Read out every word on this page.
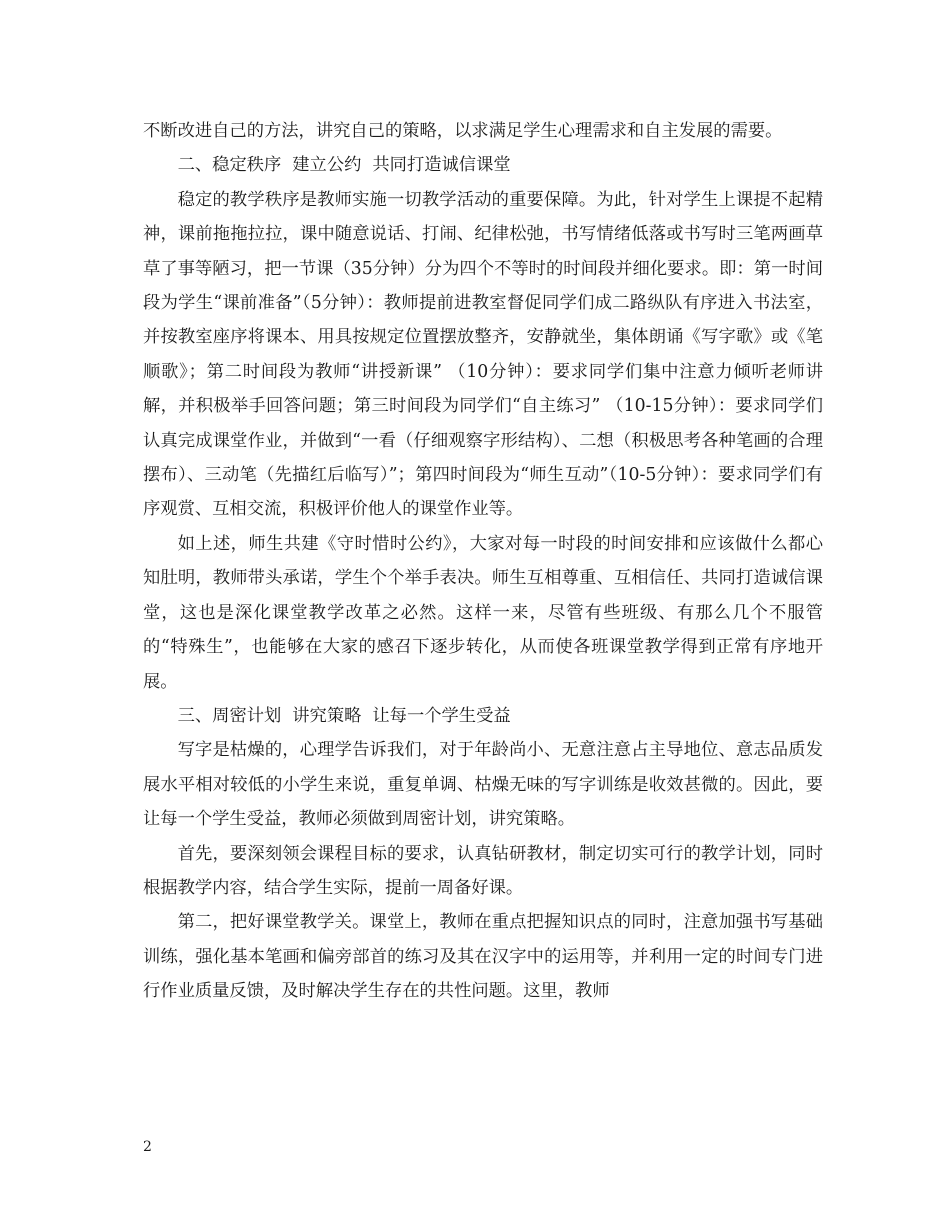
不断改进自己的方法，讲究自己的策略，以求满足学生心理需求和自主发展的需要。

二、稳定秩序  建立公约  共同打造诚信课堂

稳定的教学秩序是教师实施一切教学活动的重要保障。为此，针对学生上课提不起精神，课前拖拖拉拉，课中随意说话、打闹、纪律松弛，书写情绪低落或书写时三笔两画草草了事等陋习，把一节课（35分钟）分为四个不等时的时间段并细化要求。即：第一时间段为学生“课前准备”（5分钟）：教师提前进教室督促同学们成二路纵队有序进入书法室，并按教室座序将课本、用具按规定位置摆放整齐，安静就坐，集体朗诵《写字歌》或《笔顺歌》；第二时间段为教师“讲授新课” （10分钟）：要求同学们集中注意力倾听老师讲解，并积极举手回答问题；第三时间段为同学们“自主练习” （10-15分钟）：要求同学们认真完成课堂作业，并做到“一看（仔细观察字形结构）、二想（积极思考各种笔画的合理摆布）、三动笔（先描红后临写）”；第四时间段为“师生互动”（10-5分钟）：要求同学们有序观赏、互相交流，积极评价他人的课堂作业等。

如上述，师生共建《守时惜时公约》，大家对每一时段的时间安排和应该做什么都心知肚明，教师带头承诺，学生个个举手表决。师生互相尊重、互相信任、共同打造诚信课堂，这也是深化课堂教学改革之必然。这样一来，尽管有些班级、有那么几个不服管的“特殊生”，也能够在大家的感召下逐步转化，从而使各班课堂教学得到正常有序地开展。

三、周密计划  讲究策略  让每一个学生受益

写字是枯燥的，心理学告诉我们，对于年龄尚小、无意注意占主导地位、意志品质发展水平相对较低的小学生来说，重复单调、枯燥无味的写字训练是收效甚微的。因此，要让每一个学生受益，教师必须做到周密计划，讲究策略。

首先，要深刻领会课程目标的要求，认真钻研教材，制定切实可行的教学计划，同时根据教学内容，结合学生实际，提前一周备好课。

第二，把好课堂教学关。课堂上，教师在重点把握知识点的同时，注意加强书写基础训练，强化基本笔画和偏旁部首的练习及其在汉字中的运用等，并利用一定的时间专门进行作业质量反馈，及时解决学生存在的共性问题。这里，教师

2
